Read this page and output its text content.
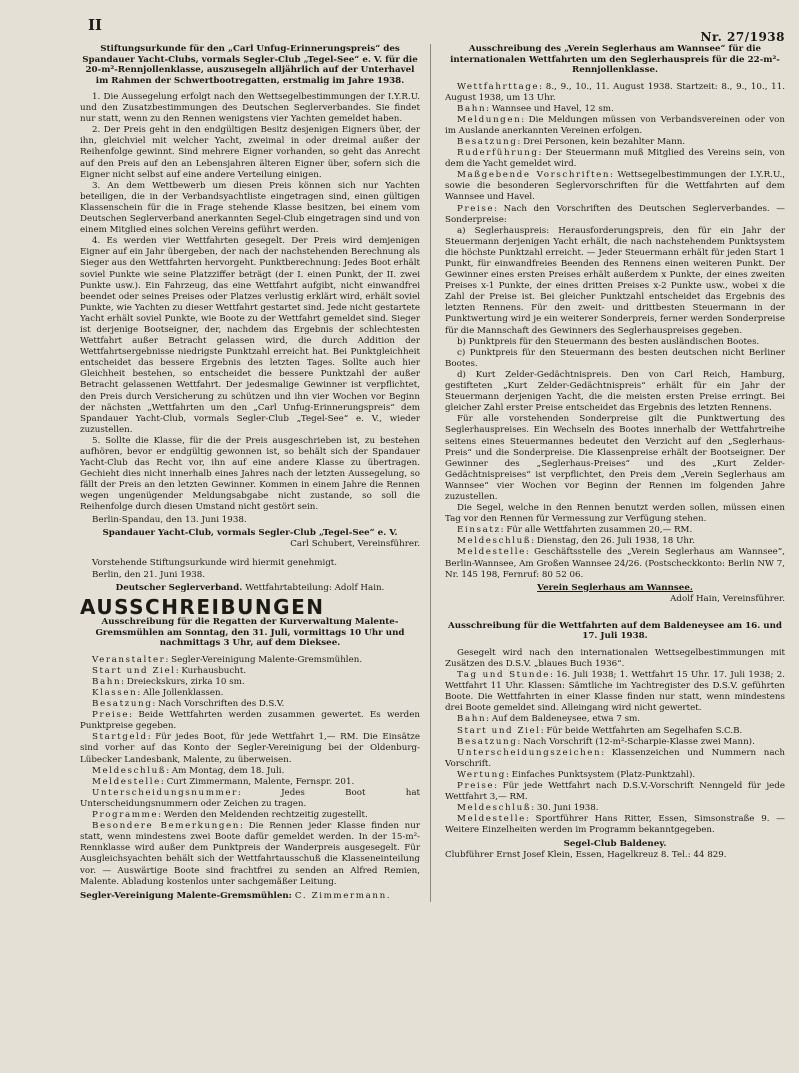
II
Nr. 27/1938
Stiftungsurkunde für den „Carl Unfug-Erinnerungspreis“ des Spandauer Yacht-Clubs, vormals Segler-Club „Tegel-See“ e. V. für die 20-m²-Rennjollenklasse, auszusegeln alljährlich auf der Unterhavel im Rahmen der Schwertbootregatten, erstmalig im Jahre 1938.

1. Die Aussegelung erfolgt nach den Wettsegelbestimmungen der I.Y.R.U. und den Zusatzbestimmungen des Deutschen Seglerverbandes. Sie findet nur statt, wenn zu den Rennen wenigstens vier Yachten gemeldet haben.

2. Der Preis geht in den endgültigen Besitz desjenigen Eigners über, der ihn, gleichviel mit welcher Yacht, zweimal in oder dreimal außer der Reihenfolge gewinnt. Sind mehrere Eigner vorhanden, so geht das Anrecht auf den Preis auf den an Lebensjahren älteren Eigner über, sofern sich die Eigner nicht selbst auf eine andere Verteilung einigen.

3. An dem Wettbewerb um diesen Preis können sich nur Yachten beteiligen, die in der Verbandsyachtliste eingetragen sind, einen gültigen Klassenschein für die in Frage stehende Klasse besitzen, bei einem vom Deutschen Seglerverband anerkannten Segel-Club eingetragen sind und von einem Mitglied eines solchen Vereins geführt werden.

4. Es werden vier Wettfahrten gesegelt. Der Preis wird demjenigen Eigner auf ein Jahr übergeben, der nach der nachstehenden Berechnung als Sieger aus den Wettfahrten hervorgeht. Punktberechnung: Jedes Boot erhält soviel Punkte wie seine Platzziffer beträgt (der I. einen Punkt, der II. zwei Punkte usw.). Ein Fahrzeug, das eine Wettfahrt aufgibt, nicht einwandfrei beendet oder seines Preises oder Platzes verlustig erklärt wird, erhält soviel Punkte, wie Yachten zu dieser Wettfahrt gestartet sind. Jede nicht gestartete Yacht erhält soviel Punkte, wie Boote zu der Wettfahrt gemeldet sind. Sieger ist derjenige Bootseigner, der, nachdem das Ergebnis der schlechtesten Wettfahrt außer Betracht gelassen wird, die durch Addition der Wettfahrtsergebnisse niedrigste Punktzahl erreicht hat. Bei Punktgleichheit entscheidet das bessere Ergebnis des letzten Tages. Sollte auch hier Gleichheit bestehen, so entscheidet die bessere Punktzahl der außer Betracht gelassenen Wettfahrt. Der jedesmalige Gewinner ist verpflichtet, den Preis durch Versicherung zu schützen und ihn vier Wochen vor Beginn der nächsten „Wettfahrten um den „Carl Unfug-Erinnerungspreis“ dem Spandauer Yacht-Club, vormals Segler-Club „Tegel-See“ e. V., wieder zuzustellen.

5. Sollte die Klasse, für die der Preis ausgeschrieben ist, zu bestehen aufhören, bevor er endgültig gewonnen ist, so behält sich der Spandauer Yacht-Club das Recht vor, ihn auf eine andere Klasse zu übertragen. Gechieht dies nicht innerhalb eines Jahres nach der letzten Aussegelung, so fällt der Preis an den letzten Gewinner. Kommen in einem Jahre die Rennen wegen ungenügender Meldungsabgabe nicht zustande, so soll die Reihenfolge durch diesen Umstand nicht gestört sein.

Berlin-Spandau, den 13. Juni 1938.

Spandauer Yacht-Club, vormals Segler-Club „Tegel-See“ e. V.

Carl Schubert, Vereinsführer.

Vorstehende Stiftungsurkunde wird hiermit genehmigt.

Berlin, den 21. Juni 1938.

Deutscher Seglerverband. Wettfahrtabteilung: Adolf Hain.

AUSSCHREIBUNGEN
Ausschreibung für die Regatten der Kurverwaltung Malente-Gremsmühlen am Sonntag, den 31. Juli, vormittags 10 Uhr und nachmittags 3 Uhr, auf dem Dieksee.

Veranstalter: Segler-Vereinigung Malente-Gremsmühlen.

Start und Ziel: Kurhausbucht.

Bahn: Dreieckskurs, zirka 10 sm.

Klassen: Alle Jollenklassen.

Besatzung: Nach Vorschriften des D.S.V.

Preise: Beide Wettfahrten werden zusammen gewertet. Es werden Punktpreise gegeben.

Startgeld: Für jedes Boot, für jede Wettfahrt 1,— RM. Die Einsätze sind vorher auf das Konto der Segler-Vereinigung bei der Oldenburg-Lübecker Landesbank, Malente, zu überweisen.

Meldeschluß: Am Montag, dem 18. Juli.

Meldestelle: Curt Zimmermann, Malente, Fernspr. 201.

Unterscheidungsnummer: Jedes Boot hat Unterscheidungsnummern oder Zeichen zu tragen.

Programme: Werden den Meldenden rechtzeitig zugestellt.

Besondere Bemerkungen: Die Rennen jeder Klasse finden nur statt, wenn mindestens zwei Boote dafür gemeldet werden. In der 15-m²-Rennklasse wird außer dem Punktpreis der Wanderpreis ausgesegelt. Für Ausgleichsyachten behält sich der Wettfahrtausschuß die Klasseneinteilung vor. — Auswärtige Boote sind frachtfrei zu senden an Alfred Remien, Malente. Abladung kostenlos unter sachgemäßer Leitung.

Segler-Vereinigung Malente-Gremsmühlen: C. Zimmermann.

Ausschreibung des „Verein Seglerhaus am Wannsee“ für die internationalen Wettfahrten um den Seglerhauspreis für die 22-m²-Rennjollenklasse.

Wettfahrttage: 8., 9., 10., 11. August 1938. Startzeit: 8., 9., 10., 11. August 1938, um 13 Uhr.

Bahn: Wannsee und Havel, 12 sm.

Meldungen: Die Meldungen müssen von Verbandsvereinen oder von im Auslande anerkannten Vereinen erfolgen.

Besatzung: Drei Personen, kein bezahlter Mann.

Ruderführung: Der Steuermann muß Mitglied des Vereins sein, von dem die Yacht gemeldet wird.

Maßgebende Vorschriften: Wettsegelbestimmungen der I.Y.R.U., sowie die besonderen Seglervorschriften für die Wettfahrten auf dem Wannsee und Havel.

Preise: Nach den Vorschriften des Deutschen Seglerverbandes. — Sonderpreise:

a) Seglerhauspreis: Herausforderungspreis, den für ein Jahr der Steuermann derjenigen Yacht erhält, die nach nachstehendem Punktsystem die höchste Punktzahl erreicht. — Jeder Steuermann erhält für jeden Start 1 Punkt, für einwandfreies Beenden des Rennens einen weiteren Punkt. Der Gewinner eines ersten Preises erhält außerdem x Punkte, der eines zweiten Preises x-1 Punkte, der eines dritten Preises x-2 Punkte usw., wobei x die Zahl der Preise ist. Bei gleicher Punktzahl entscheidet das Ergebnis des letzten Rennens. Für den zweit- und drittbesten Steuermann in der Punktwertung wird je ein weiterer Sonderpreis, ferner werden Sonderpreise für die Mannschaft des Gewinners des Seglerhauspreises gegeben.

b) Punktpreis für den Steuermann des besten ausländischen Bootes.

c) Punktpreis für den Steuermann des besten deutschen nicht Berliner Bootes.

d) Kurt Zelder-Gedächtnispreis. Den von Carl Reich, Hamburg, gestifteten „Kurt Zelder-Gedächtnispreis“ erhält für ein Jahr der Steuermann derjenigen Yacht, die die meisten ersten Preise erringt. Bei gleicher Zahl erster Preise entscheidet das Ergebnis des letzten Rennens.

Für alle vorstehenden Sonderpreise gilt die Punktwertung des Seglerhauspreises. Ein Wechseln des Bootes innerhalb der Wettfahrtreihe seitens eines Steuermannes bedeutet den Verzicht auf den „Seglerhaus-Preis“ und die Sonderpreise. Die Klassenpreise erhält der Bootseigner. Der Gewinner des „Seglerhaus-Preises“ und des „Kurt Zelder-Gedächtnispreises“ ist verpflichtet, den Preis dem „Verein Seglerhaus am Wannsee“ vier Wochen vor Beginn der Rennen im folgenden Jahre zuzustellen.

Die Segel, welche in den Rennen benutzt werden sollen, müssen einen Tag vor den Rennen für Vermessung zur Verfügung stehen.

Einsatz: Für alle Wettfahrten zusammen 20,— RM.

Meldeschluß: Dienstag, den 26. Juli 1938, 18 Uhr.

Meldestelle: Geschäftsstelle des „Verein Seglerhaus am Wannsee“, Berlin-Wannsee, Am Großen Wannsee 24/26. (Postscheckkonto: Berlin NW 7, Nr. 145 198, Fernruf: 80 52 06.

Verein Seglerhaus am Wannsee.

Adolf Hain, Vereinsführer.

Ausschreibung für die Wettfahrten auf dem Baldeneysee am 16. und 17. Juli 1938.

Gesegelt wird nach den internationalen Wettsegelbestimmungen mit Zusätzen des D.S.V. „blaues Buch 1936“.

Tag und Stunde: 16. Juli 1938; 1. Wettfahrt 15 Uhr. 17. Juli 1938; 2. Wettfahrt 11 Uhr. Klassen: Sämtliche im Yachtregister des D.S.V. geführten Boote. Die Wettfahrten in einer Klasse finden nur statt, wenn mindestens drei Boote gemeldet sind. Alleingang wird nicht gewertet.

Bahn: Auf dem Baldeneysee, etwa 7 sm.

Start und Ziel: Für beide Wettfahrten am Segelhafen S.C.B.

Besatzung: Nach Vorschrift (12-m²-Scharpie-Klasse zwei Mann).

Unterscheidungszeichen: Klassenzeichen und Nummern nach Vorschrift.

Wertung: Einfaches Punktsystem (Platz-Punktzahl).

Preise: Für jede Wettfahrt nach D.S.V.-Vorschrift Nenngeld für jede Wettfahrt 3,— RM.

Meldeschluß: 30. Juni 1938.

Meldestelle: Sportführer Hans Ritter, Essen, Simsonstraße 9. — Weitere Einzelheiten werden im Programm bekanntgegeben.

Segel-Club Baldeney.

Clubführer Ernst Josef Klein, Essen, Hagelkreuz 8. Tel.: 44 829.
